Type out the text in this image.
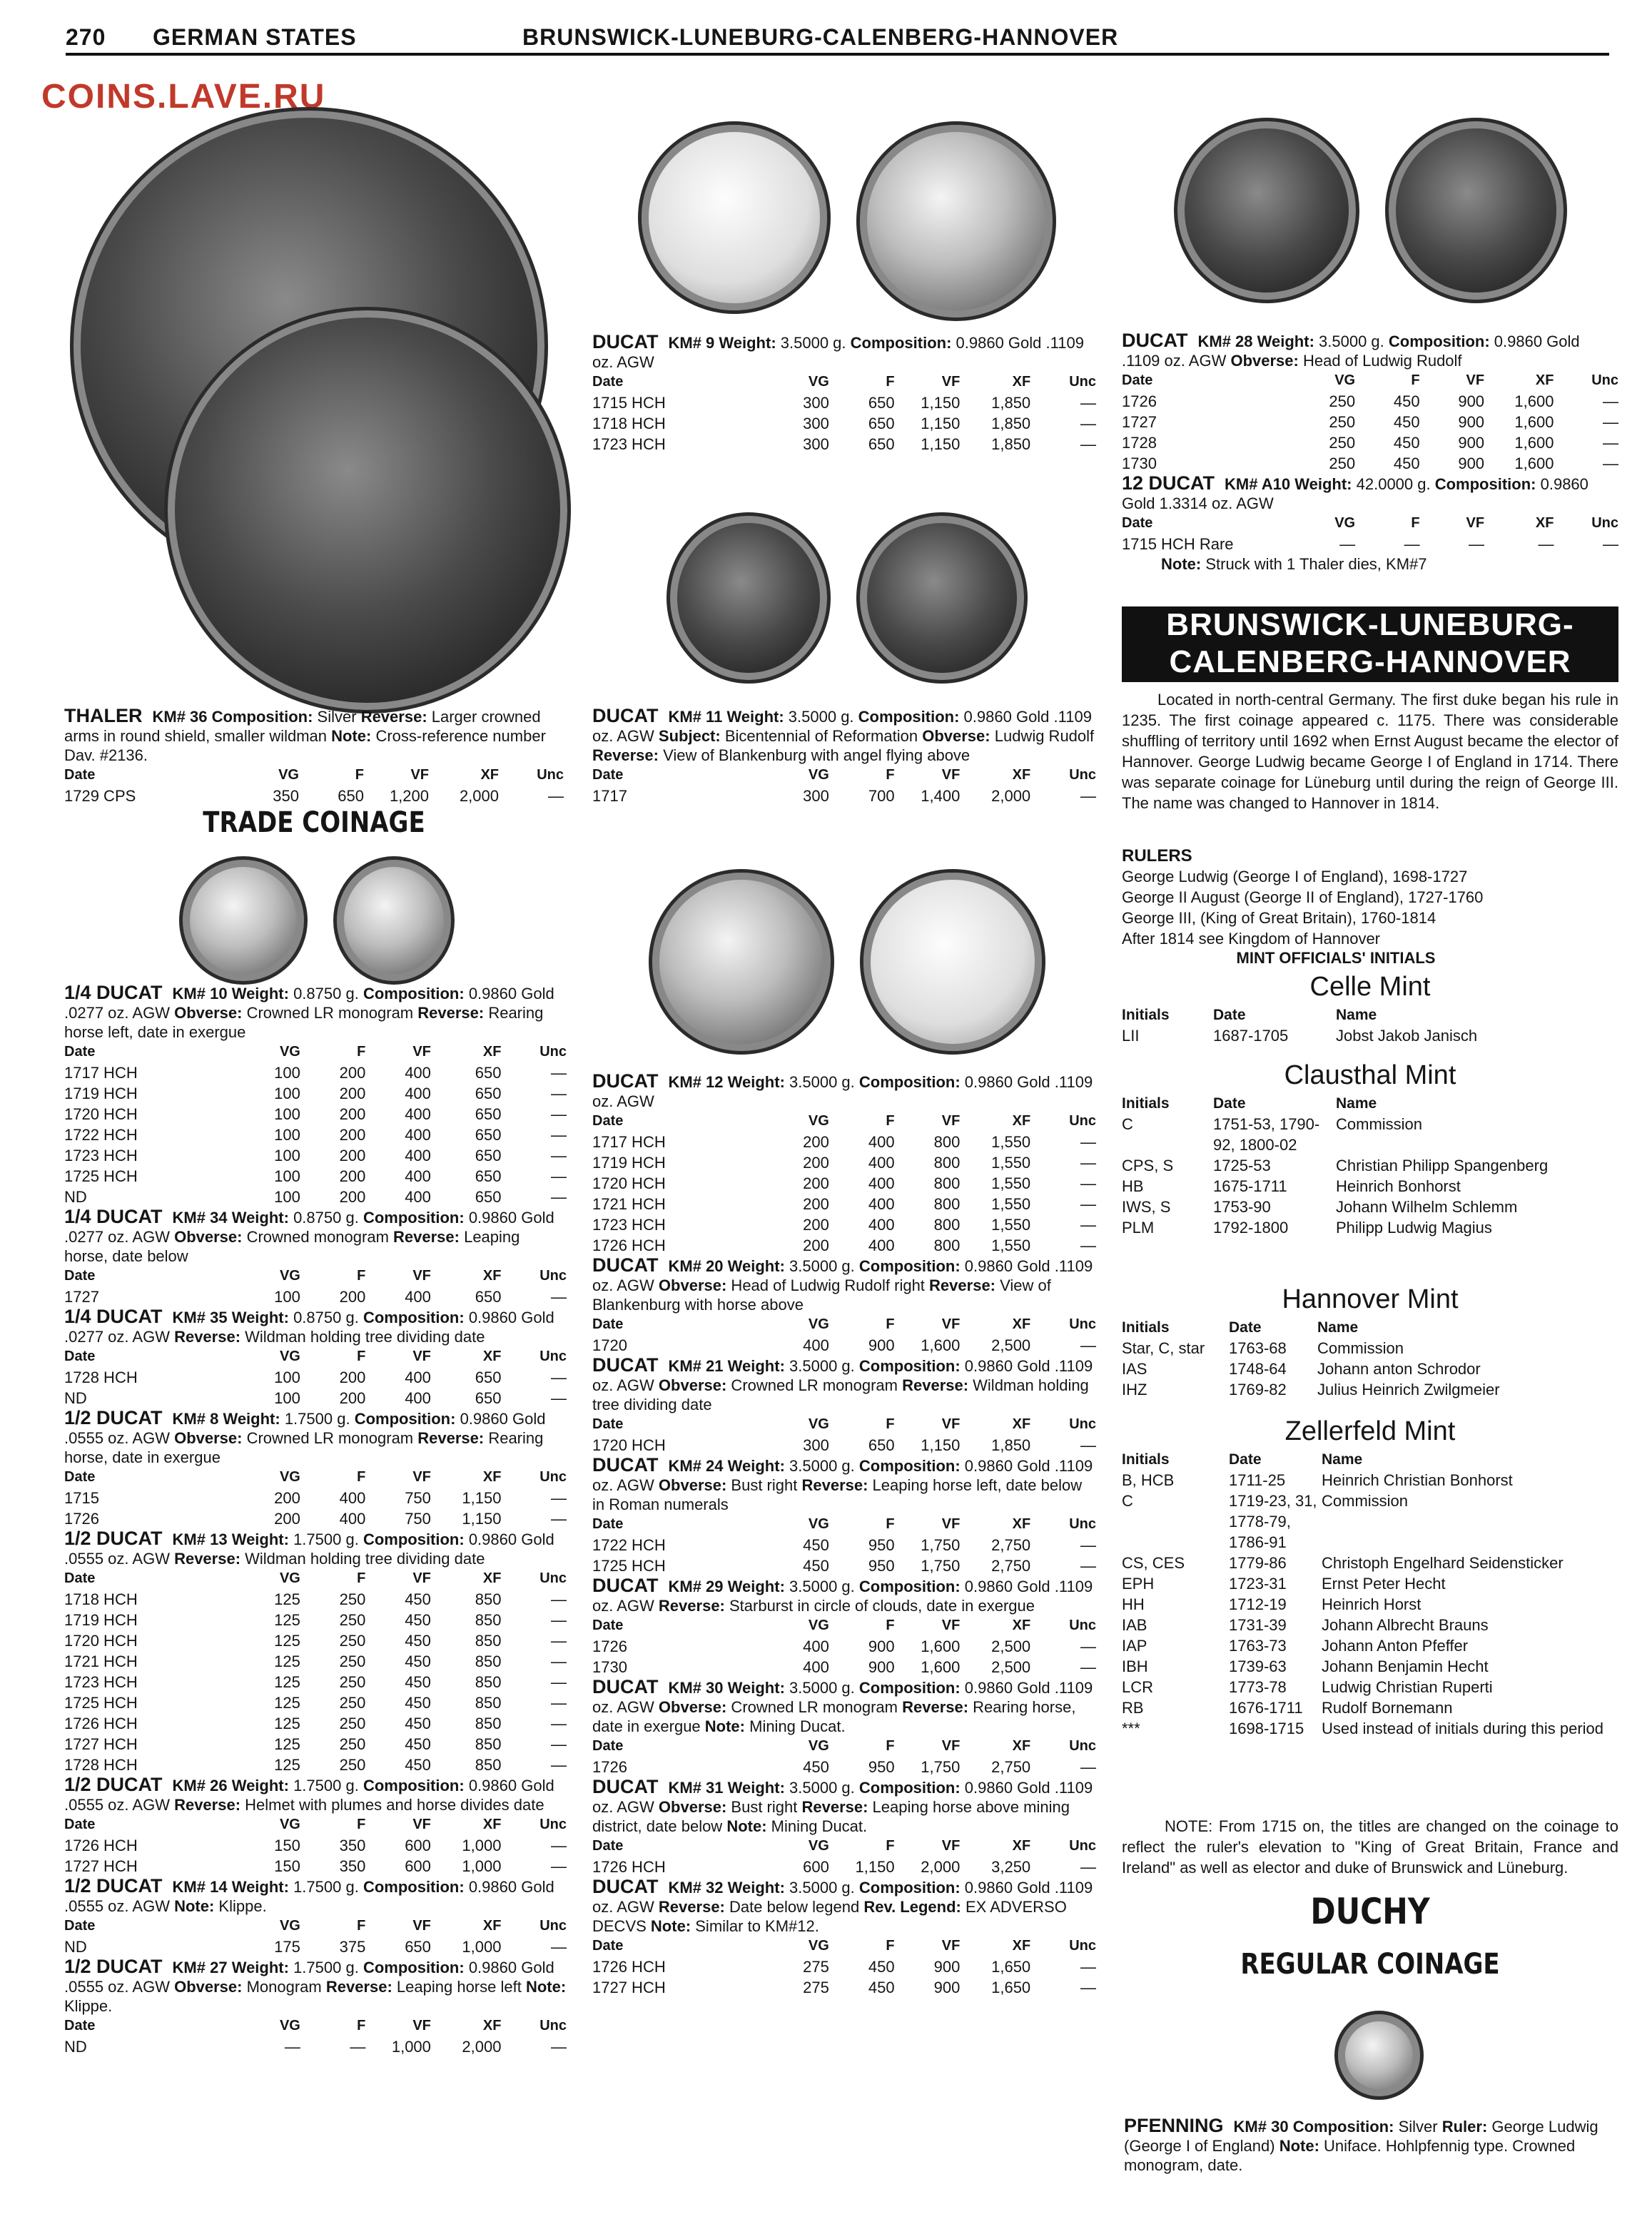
270 GERMAN STATES	BRUNSWICK-LUNEBURG-CALENBERG-HANNOVER
COINS.LAVE.RU
THALER KM# 36 Composition: Silver Reverse: Larger crowned arms in round shield, smaller wildman Note: Cross-reference number Dav. #2136.
Date	VG	F	VF	XF	Unc
1729 CPS	350	650	1,200	2,000	—
TRADE COINAGE
1/4 DUCAT KM# 10 Weight: 0.8750 g. Composition: 0.9860 Gold .0277 oz. AGW Obverse: Crowned LR monogram Reverse: Rearing horse left, date in exergue
Date	VG	F	VF	XF	Unc
1717 HCH	100	200	400	650	—
1719 HCH	100	200	400	650	—
1720 HCH	100	200	400	650	—
1722 HCH	100	200	400	650	—
1723 HCH	100	200	400	650	—
1725 HCH	100	200	400	650	—
ND	100	200	400	650	—
1/4 DUCAT KM# 34 Weight: 0.8750 g. Composition: 0.9860 Gold .0277 oz. AGW Obverse: Crowned monogram Reverse: Leaping horse, date below
Date	VG	F	VF	XF	Unc
1727	100	200	400	650	—
1/4 DUCAT KM# 35 Weight: 0.8750 g. Composition: 0.9860 Gold .0277 oz. AGW Reverse: Wildman holding tree dividing date
Date	VG	F	VF	XF	Unc
1728 HCH	100	200	400	650	—
ND	100	200	400	650	—
1/2 DUCAT KM# 8 Weight: 1.7500 g. Composition: 0.9860 Gold .0555 oz. AGW Obverse: Crowned LR monogram Reverse: Rearing horse, date in exergue
Date	VG	F	VF	XF	Unc
1715	200	400	750	1,150	—
1726	200	400	750	1,150	—
1/2 DUCAT KM# 13 Weight: 1.7500 g. Composition: 0.9860 Gold .0555 oz. AGW Reverse: Wildman holding tree dividing date
Date	VG	F	VF	XF	Unc
1718 HCH	125	250	450	850	—
1719 HCH	125	250	450	850	—
1720 HCH	125	250	450	850	—
1721 HCH	125	250	450	850	—
1723 HCH	125	250	450	850	—
1725 HCH	125	250	450	850	—
1726 HCH	125	250	450	850	—
1727 HCH	125	250	450	850	—
1728 HCH	125	250	450	850	—
1/2 DUCAT KM# 26 Weight: 1.7500 g. Composition: 0.9860 Gold .0555 oz. AGW Reverse: Helmet with plumes and horse divides date
Date	VG	F	VF	XF	Unc
1726 HCH	150	350	600	1,000	—
1727 HCH	150	350	600	1,000	—
1/2 DUCAT KM# 14 Weight: 1.7500 g. Composition: 0.9860 Gold .0555 oz. AGW Note: Klippe.
Date	VG	F	VF	XF	Unc
ND	175	375	650	1,000	—
1/2 DUCAT KM# 27 Weight: 1.7500 g. Composition: 0.9860 Gold .0555 oz. AGW Obverse: Monogram Reverse: Leaping horse left Note: Klippe.
Date	VG	F	VF	XF	Unc
ND	—	—	1,000	2,000	—
DUCAT KM# 9 Weight: 3.5000 g. Composition: 0.9860 Gold .1109 oz. AGW
Date	VG	F	VF	XF	Unc
1715 HCH	300	650	1,150	1,850	—
1718 HCH	300	650	1,150	1,850	—
1723 HCH	300	650	1,150	1,850	—
DUCAT KM# 11 Weight: 3.5000 g. Composition: 0.9860 Gold .1109 oz. AGW Subject: Bicentennial of Reformation Obverse: Ludwig Rudolf Reverse: View of Blankenburg with angel flying above
Date	VG	F	VF	XF	Unc
1717	300	700	1,400	2,000	—
DUCAT KM# 12 Weight: 3.5000 g. Composition: 0.9860 Gold .1109 oz. AGW
Date	VG	F	VF	XF	Unc
1717 HCH	200	400	800	1,550	—
1719 HCH	200	400	800	1,550	—
1720 HCH	200	400	800	1,550	—
1721 HCH	200	400	800	1,550	—
1723 HCH	200	400	800	1,550	—
1726 HCH	200	400	800	1,550	—
DUCAT KM# 20 Weight: 3.5000 g. Composition: 0.9860 Gold .1109 oz. AGW Obverse: Head of Ludwig Rudolf right Reverse: View of Blankenburg with horse above
Date	VG	F	VF	XF	Unc
1720	400	900	1,600	2,500	—
DUCAT KM# 21 Weight: 3.5000 g. Composition: 0.9860 Gold .1109 oz. AGW Obverse: Crowned LR monogram Reverse: Wildman holding tree dividing date
Date	VG	F	VF	XF	Unc
1720 HCH	300	650	1,150	1,850	—
DUCAT KM# 24 Weight: 3.5000 g. Composition: 0.9860 Gold .1109 oz. AGW Obverse: Bust right Reverse: Leaping horse left, date below in Roman numerals
Date	VG	F	VF	XF	Unc
1722 HCH	450	950	1,750	2,750	—
1725 HCH	450	950	1,750	2,750	—
DUCAT KM# 29 Weight: 3.5000 g. Composition: 0.9860 Gold .1109 oz. AGW Reverse: Starburst in circle of clouds, date in exergue
Date	VG	F	VF	XF	Unc
1726	400	900	1,600	2,500	—
1730	400	900	1,600	2,500	—
DUCAT KM# 30 Weight: 3.5000 g. Composition: 0.9860 Gold .1109 oz. AGW Obverse: Crowned LR monogram Reverse: Rearing horse, date in exergue Note: Mining Ducat.
Date	VG	F	VF	XF	Unc
1726	450	950	1,750	2,750	—
DUCAT KM# 31 Weight: 3.5000 g. Composition: 0.9860 Gold .1109 oz. AGW Obverse: Bust right Reverse: Leaping horse above mining district, date below Note: Mining Ducat.
Date	VG	F	VF	XF	Unc
1726 HCH	600	1,150	2,000	3,250	—
DUCAT KM# 32 Weight: 3.5000 g. Composition: 0.9860 Gold .1109 oz. AGW Reverse: Date below legend Rev. Legend: EX ADVERSO DECVS Note: Similar to KM#12.
Date	VG	F	VF	XF	Unc
1726 HCH	275	450	900	1,650	—
1727 HCH	275	450	900	1,650	—
DUCAT KM# 28 Weight: 3.5000 g. Composition: 0.9860 Gold .1109 oz. AGW Obverse: Head of Ludwig Rudolf
Date	VG	F	VF	XF	Unc
1726	250	450	900	1,600	—
1727	250	450	900	1,600	—
1728	250	450	900	1,600	—
1730	250	450	900	1,600	—
12 DUCAT KM# A10 Weight: 42.0000 g. Composition: 0.9860 Gold 1.3314 oz. AGW
Date	VG	F	VF	XF	Unc
1715 HCH Rare	—	—	—	—	—
Note: Struck with 1 Thaler dies, KM#7
BRUNSWICK-LUNEBURG-
CALENBERG-HANNOVER
Located in north-central Germany. The first duke began his rule in 1235. The first coinage appeared c. 1175. There was considerable shuffling of territory until 1692 when Ernst August became the elector of Hannover. George Ludwig became George I of England in 1714. There was separate coinage for Lüneburg until during the reign of George III. The name was changed to Hannover in 1814.
RULERS
George Ludwig (George I of England), 1698-1727
George II August (George II of England), 1727-1760
George III, (King of Great Britain), 1760-1814
After 1814 see Kingdom of Hannover
MINT OFFICIALS' INITIALS
Celle Mint
Initials	Date	Name
LII	1687-1705	Jobst Jakob Janisch
Clausthal Mint
Initials	Date	Name
C	1751-53, 1790-92, 1800-02	Commission
CPS, S	1725-53	Christian Philipp Spangenberg
HB	1675-1711	Heinrich Bonhorst
IWS, S	1753-90	Johann Wilhelm Schlemm
PLM	1792-1800	Philipp Ludwig Magius
Hannover Mint
Initials	Date	Name
Star, C, star	1763-68	Commission
IAS	1748-64	Johann anton Schrodor
IHZ	1769-82	Julius Heinrich Zwilgmeier
Zellerfeld Mint
Initials	Date	Name
B, HCB	1711-25	Heinrich Christian Bonhorst
C	1719-23, 31, 1778-79, 1786-91	Commission
CS, CES	1779-86	Christoph Engelhard Seidensticker
EPH	1723-31	Ernst Peter Hecht
HH	1712-19	Heinrich Horst
IAB	1731-39	Johann Albrecht Brauns
IAP	1763-73	Johann Anton Pfeffer
IBH	1739-63	Johann Benjamin Hecht
LCR	1773-78	Ludwig Christian Ruperti
RB	1676-1711	Rudolf Bornemann
***	1698-1715	Used instead of initials during this period
NOTE: From 1715 on, the titles are changed on the coinage to reflect the ruler's elevation to "King of Great Britain, France and Ireland" as well as elector and duke of Brunswick and Lüneburg.
DUCHY
REGULAR COINAGE
PFENNING KM# 30 Composition: Silver Ruler: George Ludwig (George I of England) Note: Uniface. Hohlpfennig type. Crowned monogram, date.
